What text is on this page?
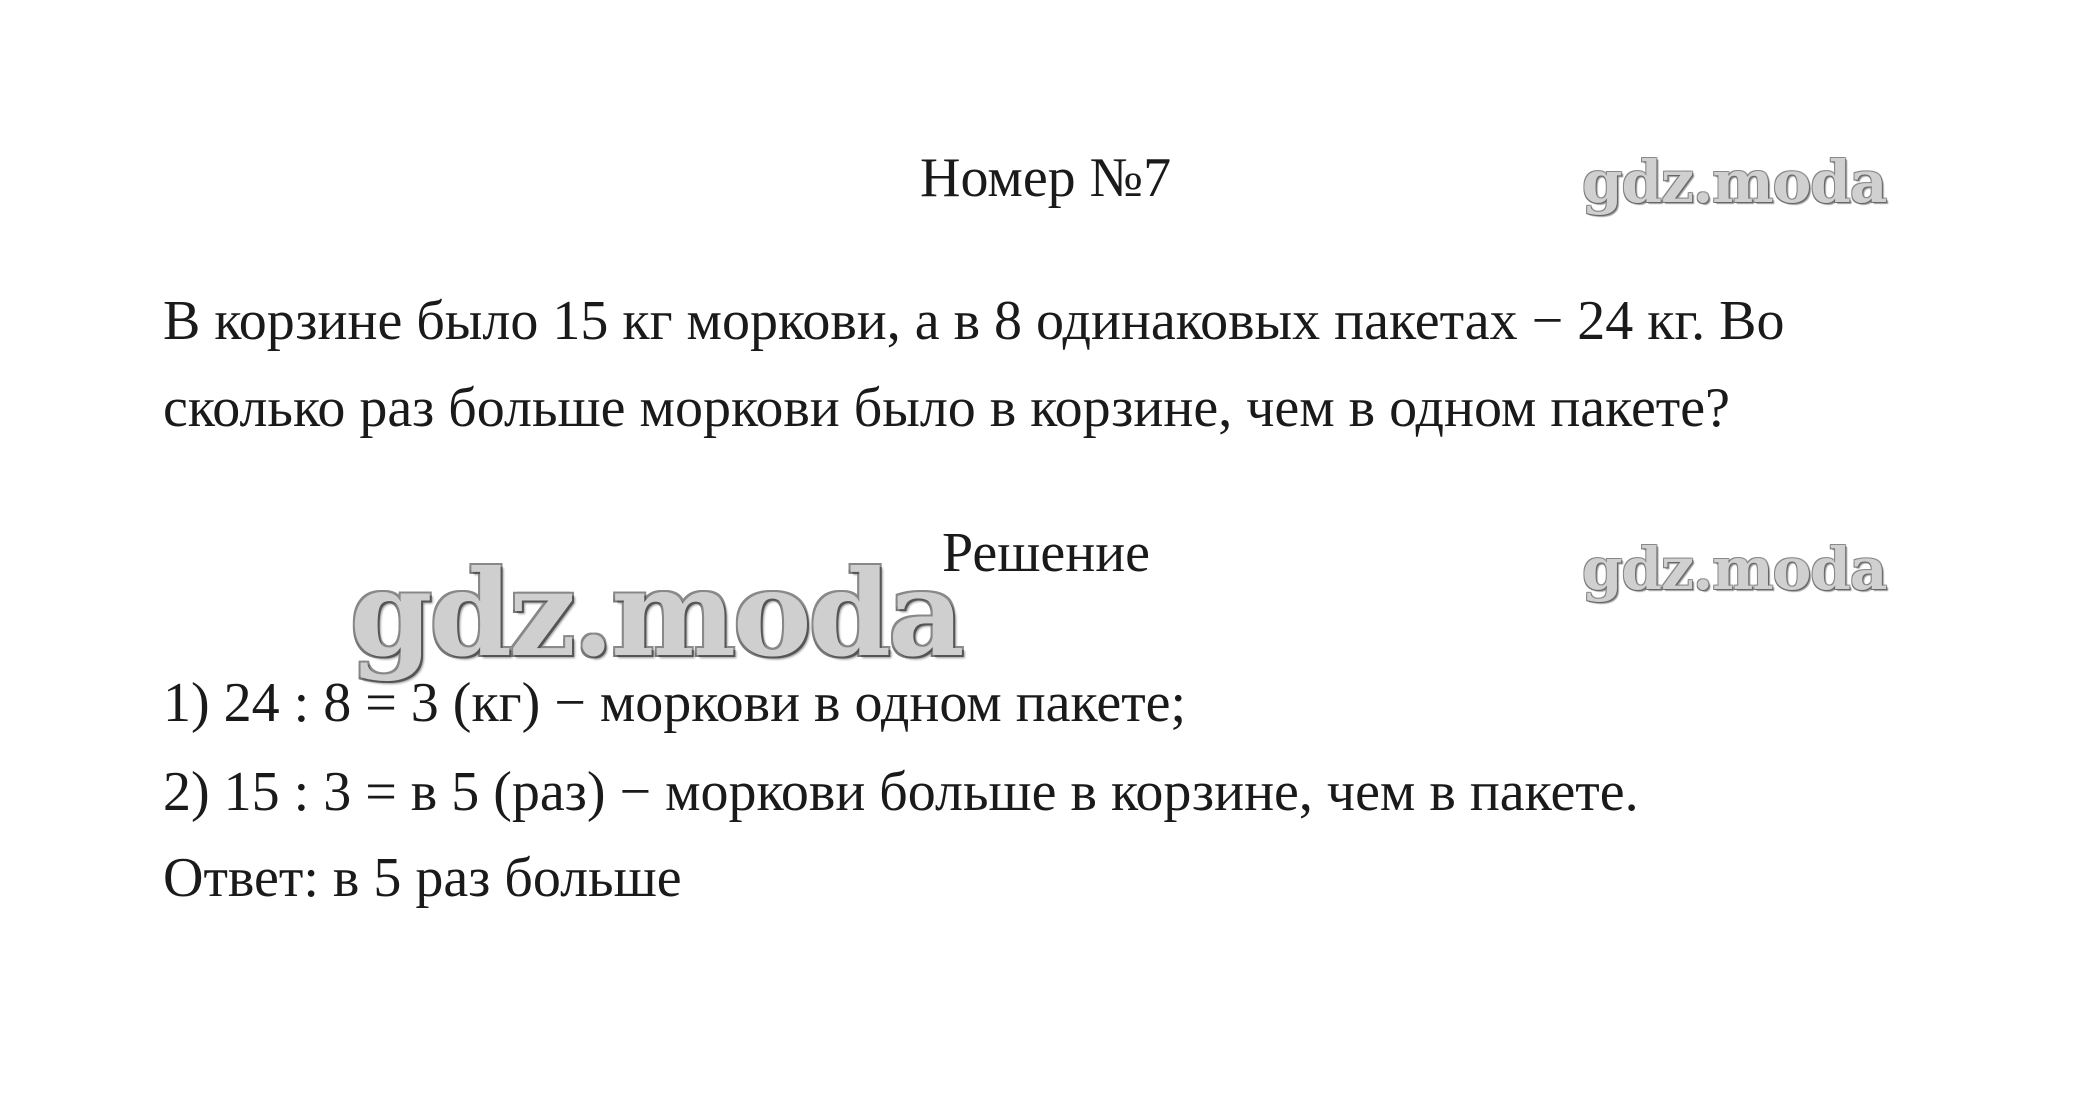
Номер №7	gdz.moda
В корзине было 15 кг моркови, а в 8 одинаковых пакетах − 24 кг. Во
сколько раз больше моркови было в корзине, чем в одном пакете?
gdz.moda
Решение	gdz.moda
1) 24 : 8 = 3 (кг) − моркови в одном пакете;
2) 15 : 3 = в 5 (раз) − моркови больше в корзине, чем в пакете.
Ответ: в 5 раз больше
